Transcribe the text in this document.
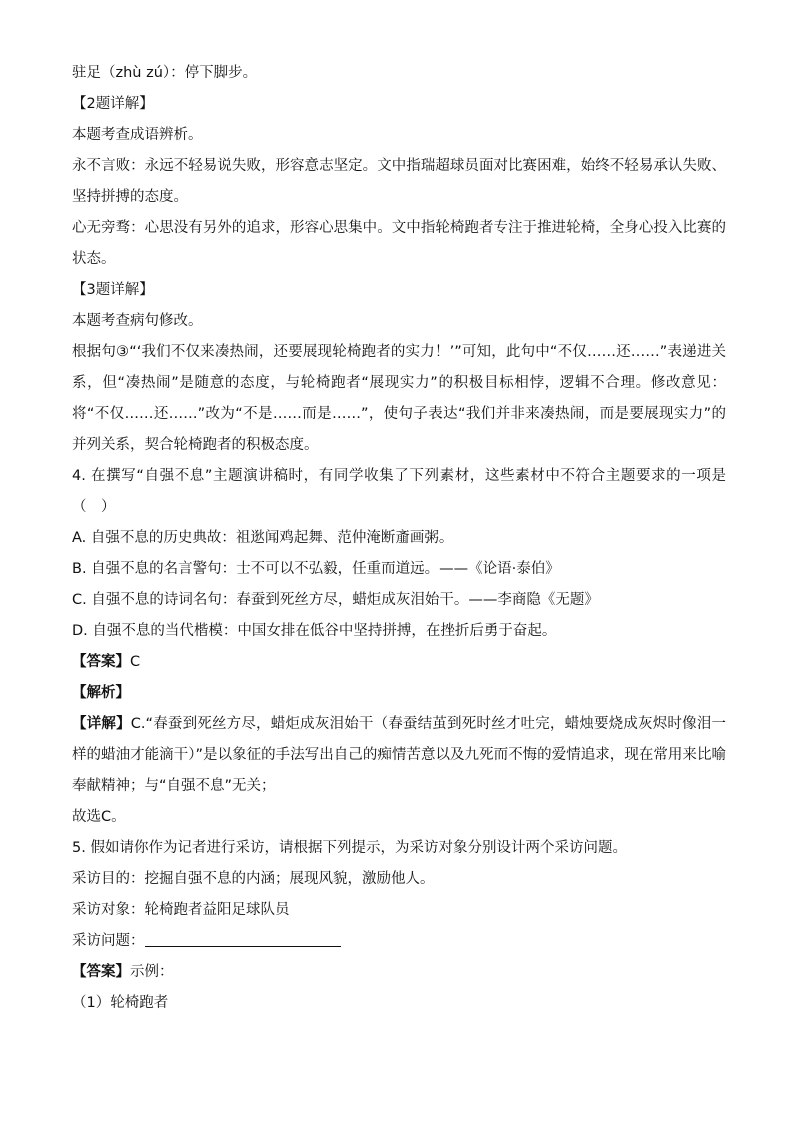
驻足（zhù zú）：停下脚步。
【2题详解】
本题考查成语辨析。
永不言败：永远不轻易说失败，形容意志坚定。文中指瑞超球员面对比赛困难，始终不轻易承认失败、坚持拼搏的态度。
心无旁骛：心思没有另外的追求，形容心思集中。文中指轮椅跑者专注于推进轮椅，全身心投入比赛的状态。
【3题详解】
本题考查病句修改。
根据句③“‘我们不仅来凑热闹，还要展现轮椅跑者的实力！’”可知，此句中“不仅……还……”表递进关系，但“凑热闹”是随意的态度，与轮椅跑者“展现实力”的积极目标相悖，逻辑不合理。修改意见：将“不仅……还……”改为“不是……而是……”，使句子表达“我们并非来凑热闹，而是要展现实力”的并列关系，契合轮椅跑者的积极态度。
4. 在撰写“自强不息”主题演讲稿时，有同学收集了下列素材，这些素材中不符合主题要求的一项是（　）
A. 自强不息的历史典故：祖逖闻鸡起舞、范仲淹断齑画粥。
B. 自强不息的名言警句：士不可以不弘毅，任重而道远。——《论语·泰伯》
C. 自强不息的诗词名句：春蚕到死丝方尽，蜡炬成灰泪始干。——李商隐《无题》
D. 自强不息的当代楷模：中国女排在低谷中坚持拼搏，在挫折后勇于奋起。
【答案】C
【解析】
【详解】C.“春蚕到死丝方尽，蜡炬成灰泪始干（春蚕结茧到死时丝才吐完，蜡烛要烧成灰烬时像泪一样的蜡油才能滴干）”是以象征的手法写出自己的痴情苦意以及九死而不悔的爱情追求，现在常用来比喻奉献精神；与“自强不息”无关；
故选C。
5. 假如请你作为记者进行采访，请根据下列提示，为采访对象分别设计两个采访问题。
采访目的：挖掘自强不息的内涵；展现风貌，激励他人。
采访对象：轮椅跑者益阳足球队员
采访问题：
【答案】示例：
（1）轮椅跑者
